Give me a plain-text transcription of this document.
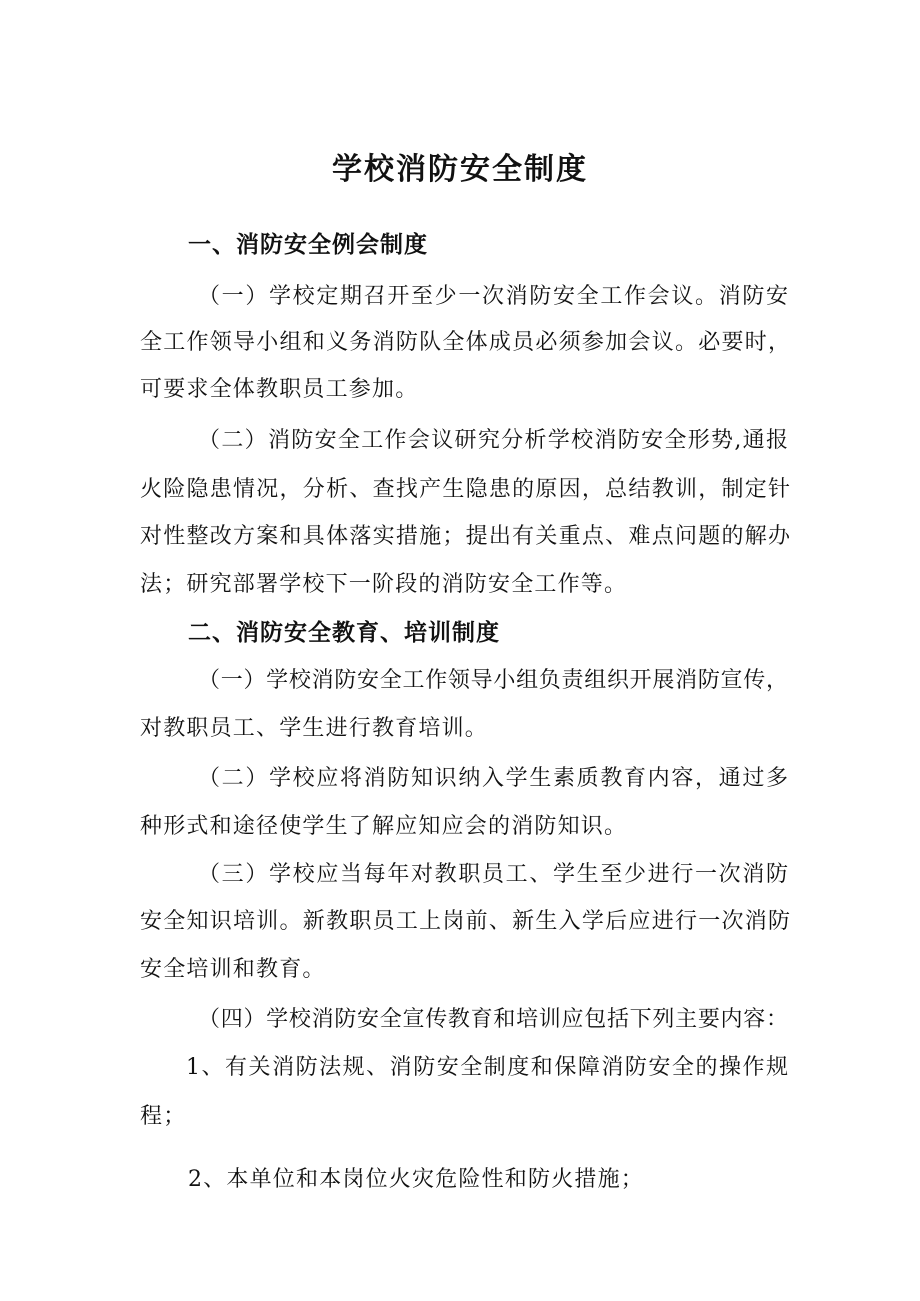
学校消防安全制度
一、消防安全例会制度
（一）学校定期召开至少一次消防安全工作会议。消防安
全工作领导小组和义务消防队全体成员必须参加会议。必要时，
可要求全体教职员工参加。
（二）消防安全工作会议研究分析学校消防安全形势,通报
火险隐患情况，分析、查找产生隐患的原因，总结教训，制定针
对性整改方案和具体落实措施；提出有关重点、难点问题的解办
法；研究部署学校下一阶段的消防安全工作等。
二、消防安全教育、培训制度
（一）学校消防安全工作领导小组负责组织开展消防宣传，
对教职员工、学生进行教育培训。
（二）学校应将消防知识纳入学生素质教育内容，通过多
种形式和途径使学生了解应知应会的消防知识。
（三）学校应当每年对教职员工、学生至少进行一次消防
安全知识培训。新教职员工上岗前、新生入学后应进行一次消防
安全培训和教育。
（四）学校消防安全宣传教育和培训应包括下列主要内容：
1、有关消防法规、消防安全制度和保障消防安全的操作规
程；
2、本单位和本岗位火灾危险性和防火措施；
